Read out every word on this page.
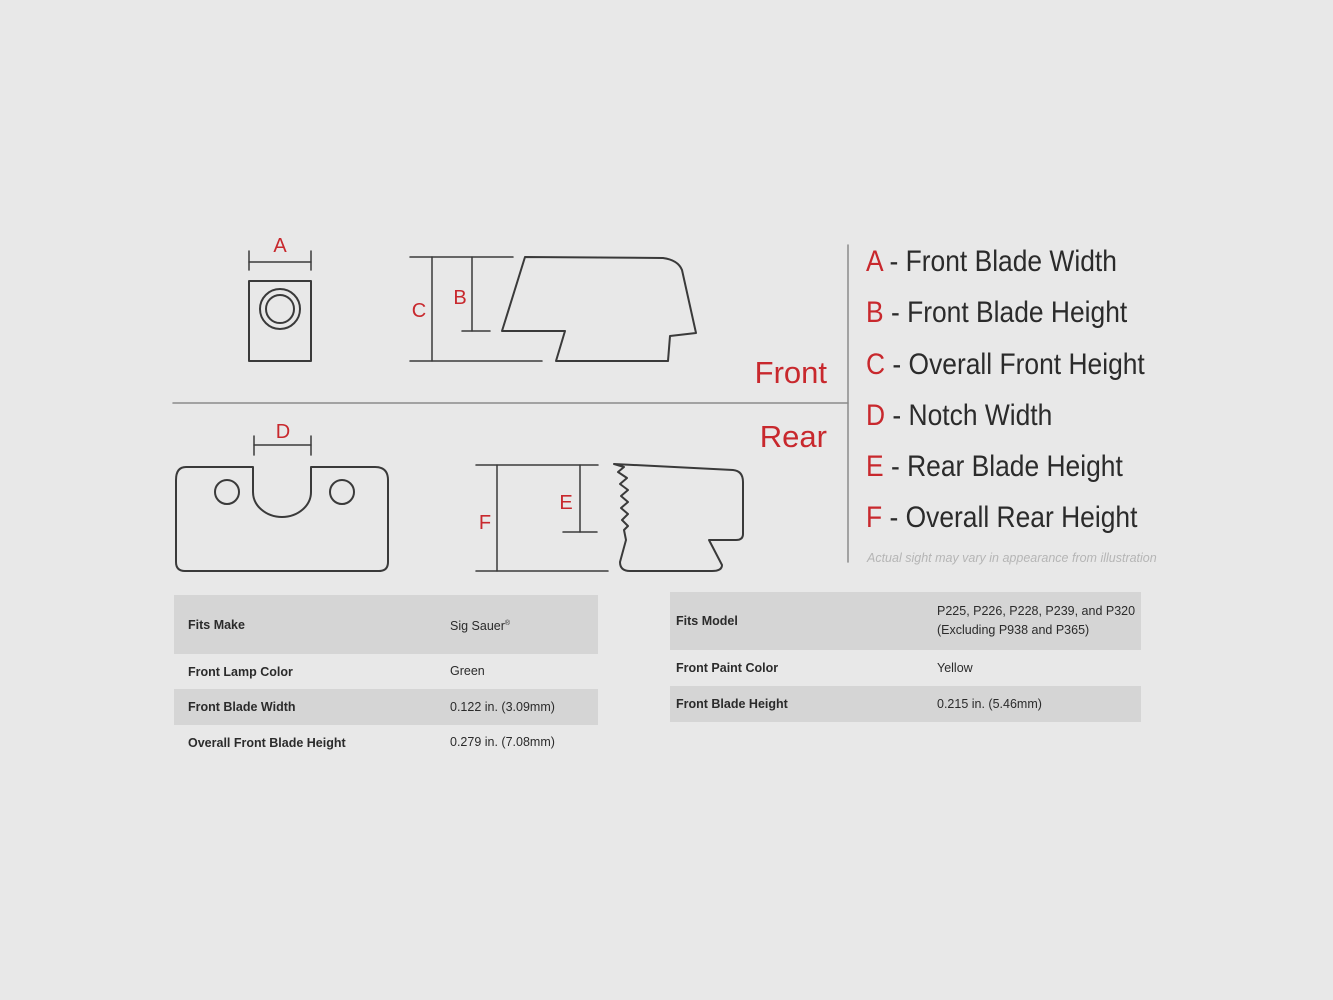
A
B
C
D
E
F
Front
Rear
A - Front Blade Width
B - Front Blade Height
C - Overall Front Height
D - Notch Width
E - Rear Blade Height
F - Overall Rear Height
Actual sight may vary in appearance from illustration
Fits Make	Sig Sauer®
Front Lamp Color	Green
Front Blade Width	0.122 in. (3.09mm)
Overall Front Blade Height	0.279 in. (7.08mm)
Fits Model	P225, P226, P228, P239, and P320
(Excluding P938 and P365)

Front Paint Color	Yellow
Front Blade Height	0.215 in. (5.46mm)
